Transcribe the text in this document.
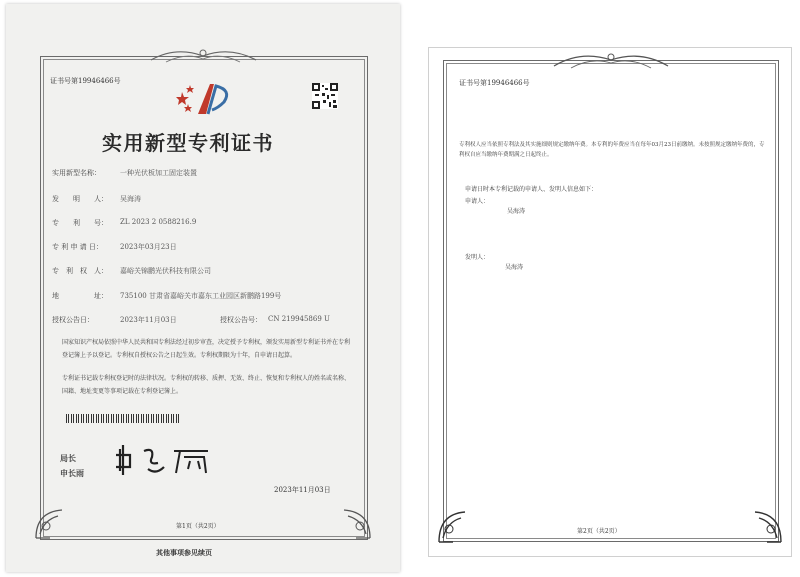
证书号第19946466号
实用新型专利证书
实用新型名称：	一种光伏板加工固定装置
发　　明　　人： 吴海涛
专　　利　　号： ZL 2023 2 0588216.9
专 利 申 请 日： 2023年03月23日
专　利　权　人： 嘉峪关锦鹏光伏科技有限公司
地　　　　　址： 735100 甘肃省嘉峪关市嘉东工业园区新鹏路199号
授权公告日：	2023年11月03日	授权公告号： CN 219945869 U
国家知识产权局依照中华人民共和国专利法经过初步审查，决定授予专利权，颁发实用新型专利证书并在专利登记簿上予以登记。专利权自授权公告之日起生效。专利权期限为十年，自申请日起算。
专利证书记载专利权登记时的法律状况。专利权的转移、质押、无效、终止、恢复和专利权人的姓名或名称、国籍、地址变更等事项记载在专利登记簿上。
局长
申长雨
2023年11月03日
第1页（共2页）
其他事项参见续页
证书号第19946466号
专利权人应当依照专利法及其实施细则规定缴纳年费。本专利的年费应当在每年03月23日前缴纳。未按照规定缴纳年费的，专利权自应当缴纳年费期满之日起终止。
申请日时本专利记载的申请人、发明人信息如下：
申请人：
吴海涛
发明人：
吴海涛
第2页（共2页）
